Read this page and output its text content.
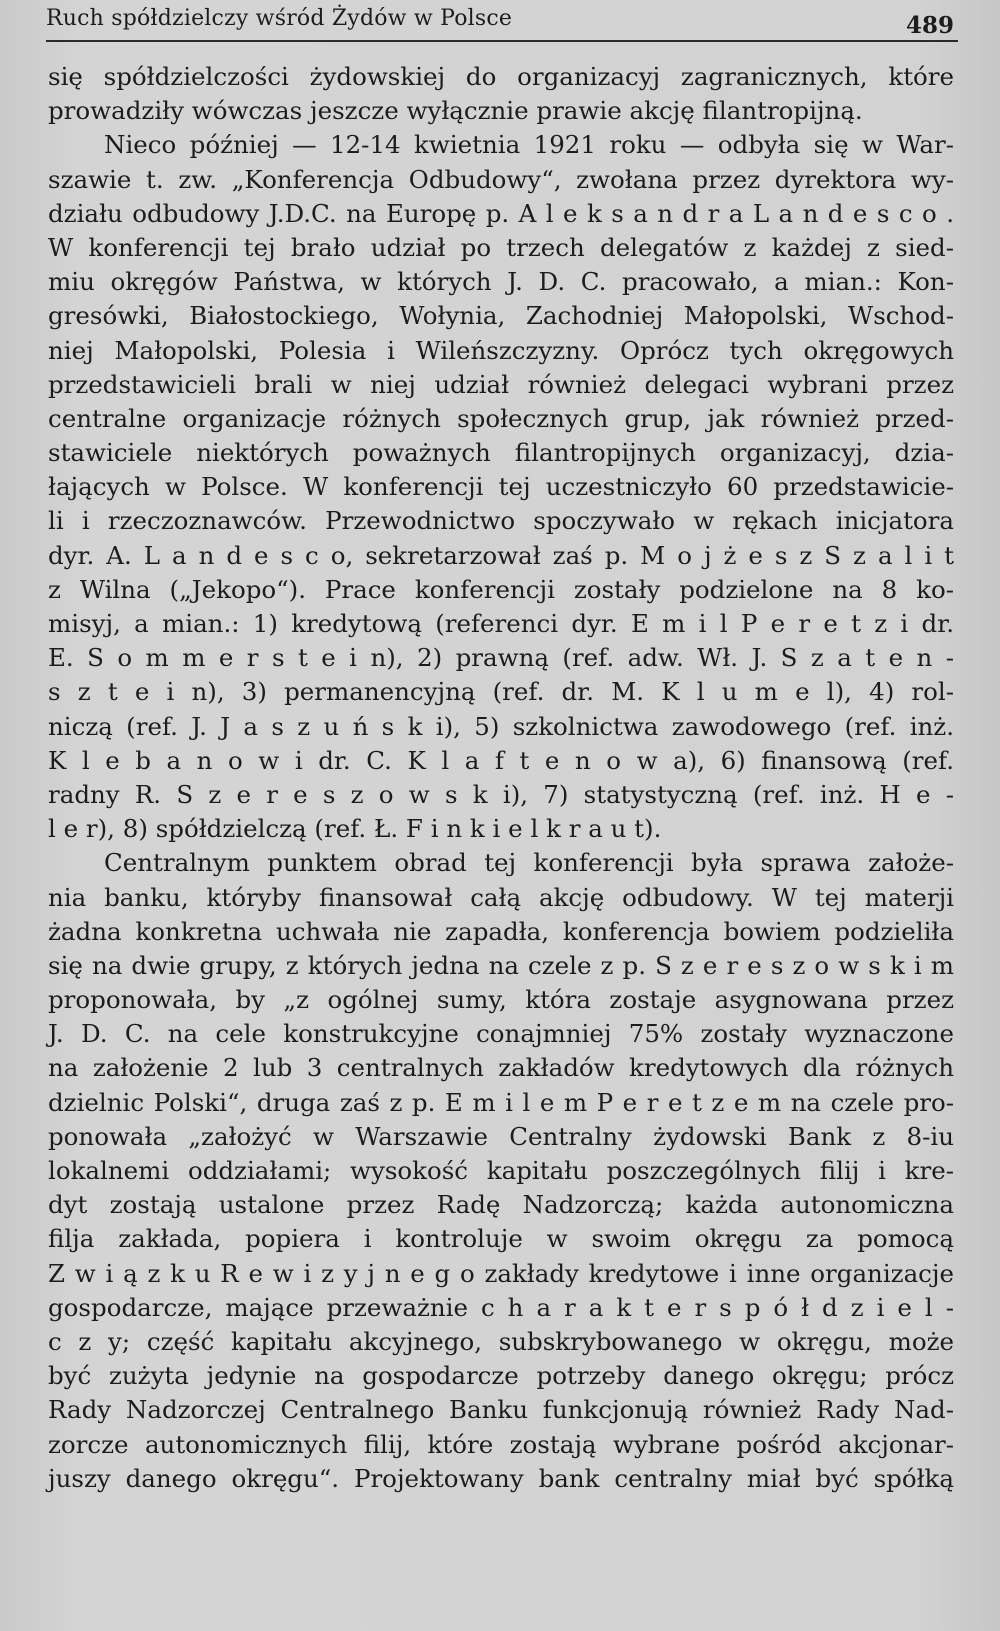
Ruch spółdzielczy wśród Żydów w Polsce	489
się spółdzielczości żydowskiej do organizacyj zagranicznych, które
prowadziły wówczas jeszcze wyłącznie prawie akcję filantropijną.
Nieco później — 12-14 kwietnia 1921 roku — odbyła się w War-
szawie t. zw. „Konferencja Odbudowy“, zwołana przez dyrektora wy-
działu odbudowy J.D.C. na Europę p. A l e k s a n d r a L a n d e s c o .
W konferencji tej brało udział po trzech delegatów z każdej z sied-
miu okręgów Państwa, w których J. D. C. pracowało, a mian.: Kon-
gresówki, Białostockiego, Wołynia, Zachodniej Małopolski, Wschod-
niej Małopolski, Polesia i Wileńszczyzny. Oprócz tych okręgowych
przedstawicieli brali w niej udział również delegaci wybrani przez
centralne organizacje różnych społecznych grup, jak również przed-
stawiciele niektórych poważnych filantropijnych organizacyj, dzia-
łających w Polsce. W konferencji tej uczestniczyło 60 przedstawicie-
li i rzeczoznawców. Przewodnictwo spoczywało w rękach inicjatora
dyr. A. L a n d e s c o, sekretarzował zaś p. M o j ż e s z S z a l i t
z Wilna („Jekopo“). Prace konferencji zostały podzielone na 8 ko-
misyj, a mian.: 1) kredytową (referenci dyr. E m i l P e r e t z i dr.
E. S o m m e r s t e i n), 2) prawną (ref. adw. Wł. J. S z a t e n -
s z t e i n), 3) permanencyjną (ref. dr. M. K l u m e l), 4) rol-
niczą (ref. J. J a s z u ń s k i), 5) szkolnictwa zawodowego (ref. inż.
K l e b a n o w i dr. C. K l a f t e n o w a), 6) finansową (ref.
radny R. S z e r e s z o w s k i), 7) statystyczną (ref. inż. H e -
l e r), 8) spółdzielczą (ref. Ł. F i n k i e l k r a u t).
Centralnym punktem obrad tej konferencji była sprawa założe-
nia banku, któryby finansował całą akcję odbudowy. W tej materji
żadna konkretna uchwała nie zapadła, konferencja bowiem podzieliła
się na dwie grupy, z których jedna na czele z p. S z e r e s z o w s k i m
proponowała, by „z ogólnej sumy, która zostaje asygnowana przez
J. D. C. na cele konstrukcyjne conajmniej 75% zostały wyznaczone
na założenie 2 lub 3 centralnych zakładów kredytowych dla różnych
dzielnic Polski“, druga zaś z p. E m i l e m P e r e t z e m na czele pro-
ponowała „założyć w Warszawie Centralny żydowski Bank z 8-iu
lokalnemi oddziałami; wysokość kapitału poszczególnych filij i kre-
dyt zostają ustalone przez Radę Nadzorczą; każda autonomiczna
filja zakłada, popiera i kontroluje w swoim okręgu za pomocą
Z w i ą z k u R e w i z y j n e g o zakłady kredytowe i inne organizacje
gospodarcze, mające przeważnie c h a r a k t e r s p ó ł d z i e l -
c z y; część kapitału akcyjnego, subskrybowanego w okręgu, może
być zużyta jedynie na gospodarcze potrzeby danego okręgu; prócz
Rady Nadzorczej Centralnego Banku funkcjonują również Rady Nad-
zorcze autonomicznych filij, które zostają wybrane pośród akcjonar-
juszy danego okręgu“. Projektowany bank centralny miał być spółką
